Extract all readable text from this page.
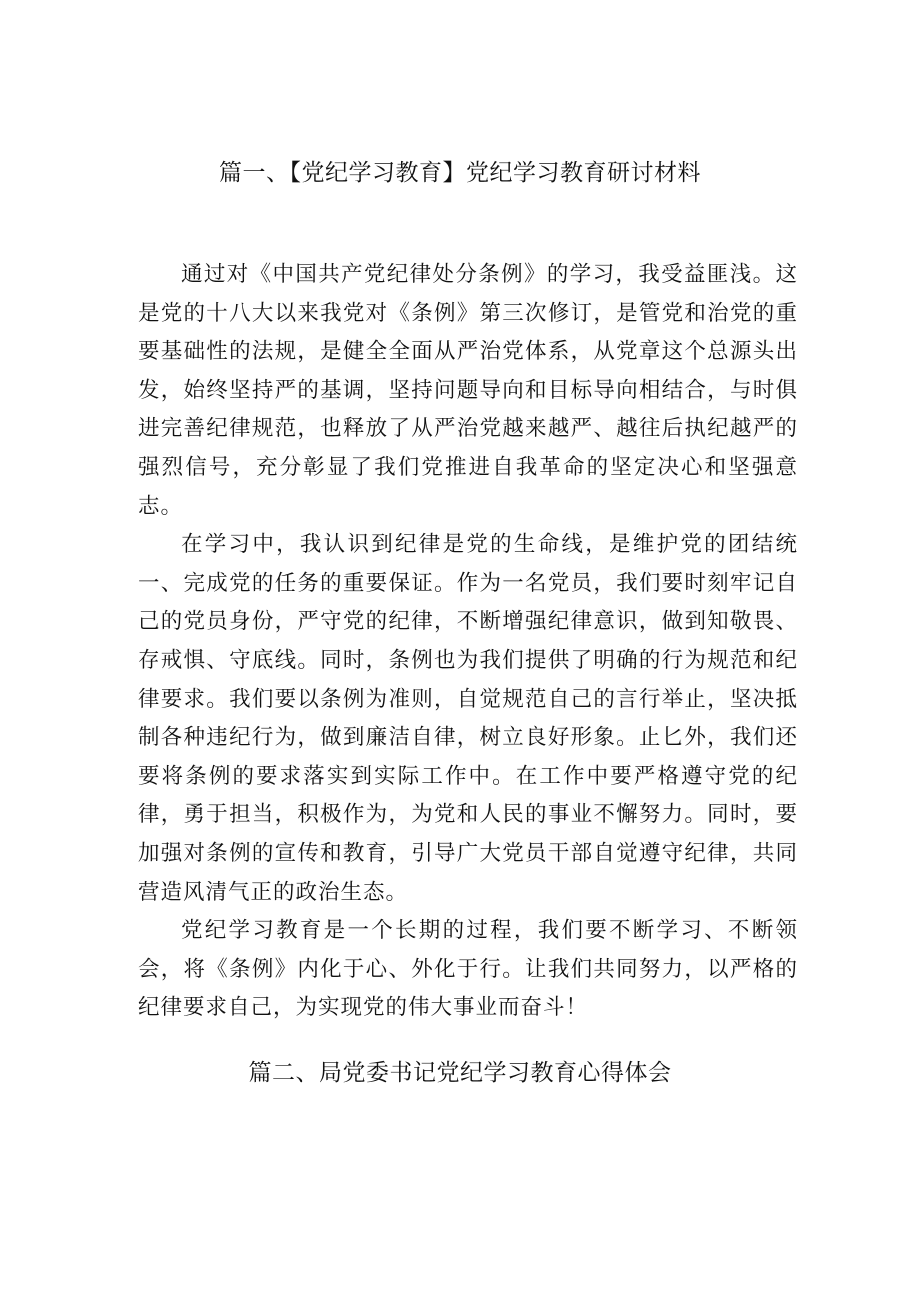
篇一、【党纪学习教育】党纪学习教育研讨材料

通过对《中国共产党纪律处分条例》的学习，我受益匪浅。这是党的十八大以来我党对《条例》第三次修订，是管党和治党的重要基础性的法规，是健全全面从严治党体系，从党章这个总源头出发，始终坚持严的基调，坚持问题导向和目标导向相结合，与时俱进完善纪律规范，也释放了从严治党越来越严、越往后执纪越严的强烈信号，充分彰显了我们党推进自我革命的坚定决心和坚强意志。

在学习中，我认识到纪律是党的生命线，是维护党的团结统一、完成党的任务的重要保证。作为一名党员，我们要时刻牢记自己的党员身份，严守党的纪律，不断增强纪律意识，做到知敬畏、存戒惧、守底线。同时，条例也为我们提供了明确的行为规范和纪律要求。我们要以条例为准则，自觉规范自己的言行举止，坚决抵制各种违纪行为，做到廉洁自律，树立良好形象。止匕外，我们还要将条例的要求落实到实际工作中。在工作中要严格遵守党的纪律，勇于担当，积极作为，为党和人民的事业不懈努力。同时，要加强对条例的宣传和教育，引导广大党员干部自觉遵守纪律，共同营造风清气正的政治生态。

党纪学习教育是一个长期的过程，我们要不断学习、不断领会，将《条例》内化于心、外化于行。让我们共同努力，以严格的纪律要求自己，为实现党的伟大事业而奋斗！

篇二、局党委书记党纪学习教育心得体会
